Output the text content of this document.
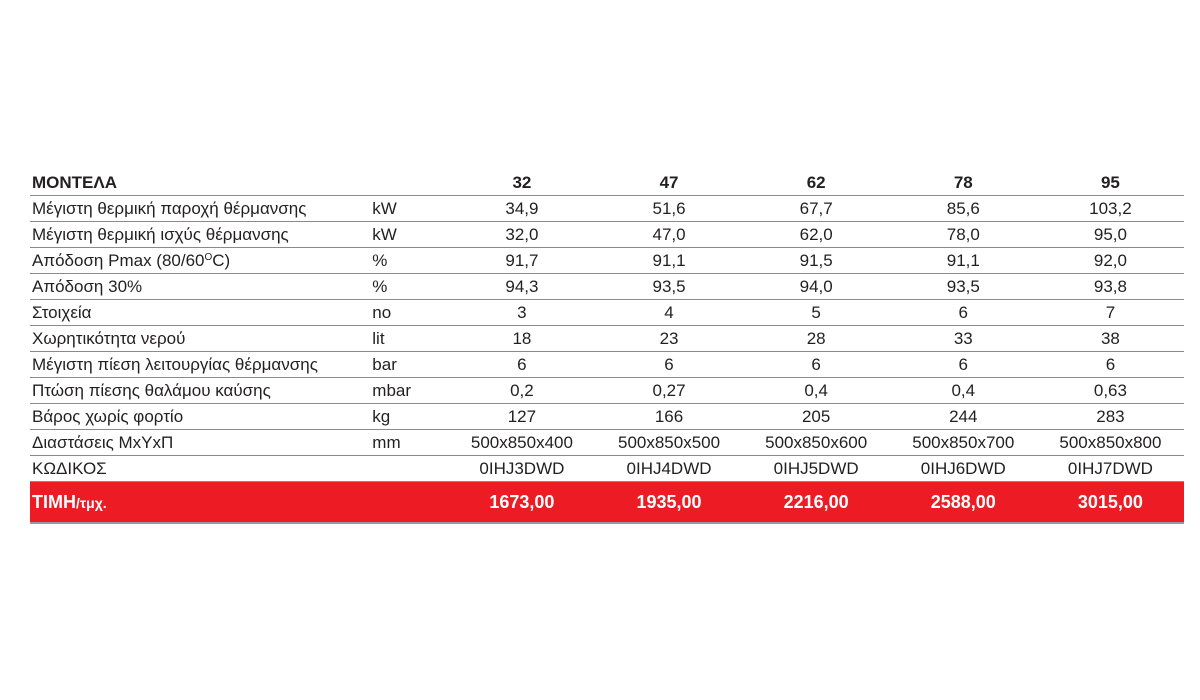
ΜΟΝΤΕΛΑ		32	47	62	78	95
Μέγιστη θερμική παροχή θέρμανσης	kW	34,9	51,6	67,7	85,6	103,2
Μέγιστη θερμική ισχύς θέρμανσης	kW	32,0	47,0	62,0	78,0	95,0
Απόδοση Pmax $(80/60^OC)$	%	91,7	91,1	91,5	91,1	92,0
Απόδοση 30%	%	94,3	93,5	94,0	93,5	93,8
Στοιχεία	no	3	4	5	6	7
Χωρητικότητα νερού	lit	18	23	28	33	38
Μέγιστη πίεση λειτουργίας θέρμανσης	bar	6	6	6	6	6
Πτώση πίεσης θαλάμου καύσης	mbar	0,2	0,27	0,4	0,4	0,63
Βάρος χωρίς φορτίο	kg	127	166	205	244	283
Διαστάσεις ΜxΥxΠ	mm	500x850x400	500x850x500	500x850x600	500x850x700	500x850x800
ΚΩΔΙΚΟΣ		0IHJ3DWD	0IHJ4DWD	0IHJ5DWD	0IHJ6DWD	0IHJ7DWD
ΤΙΜΗ/τμχ.		1673,00	1935,00	2216,00	2588,00	3015,00
